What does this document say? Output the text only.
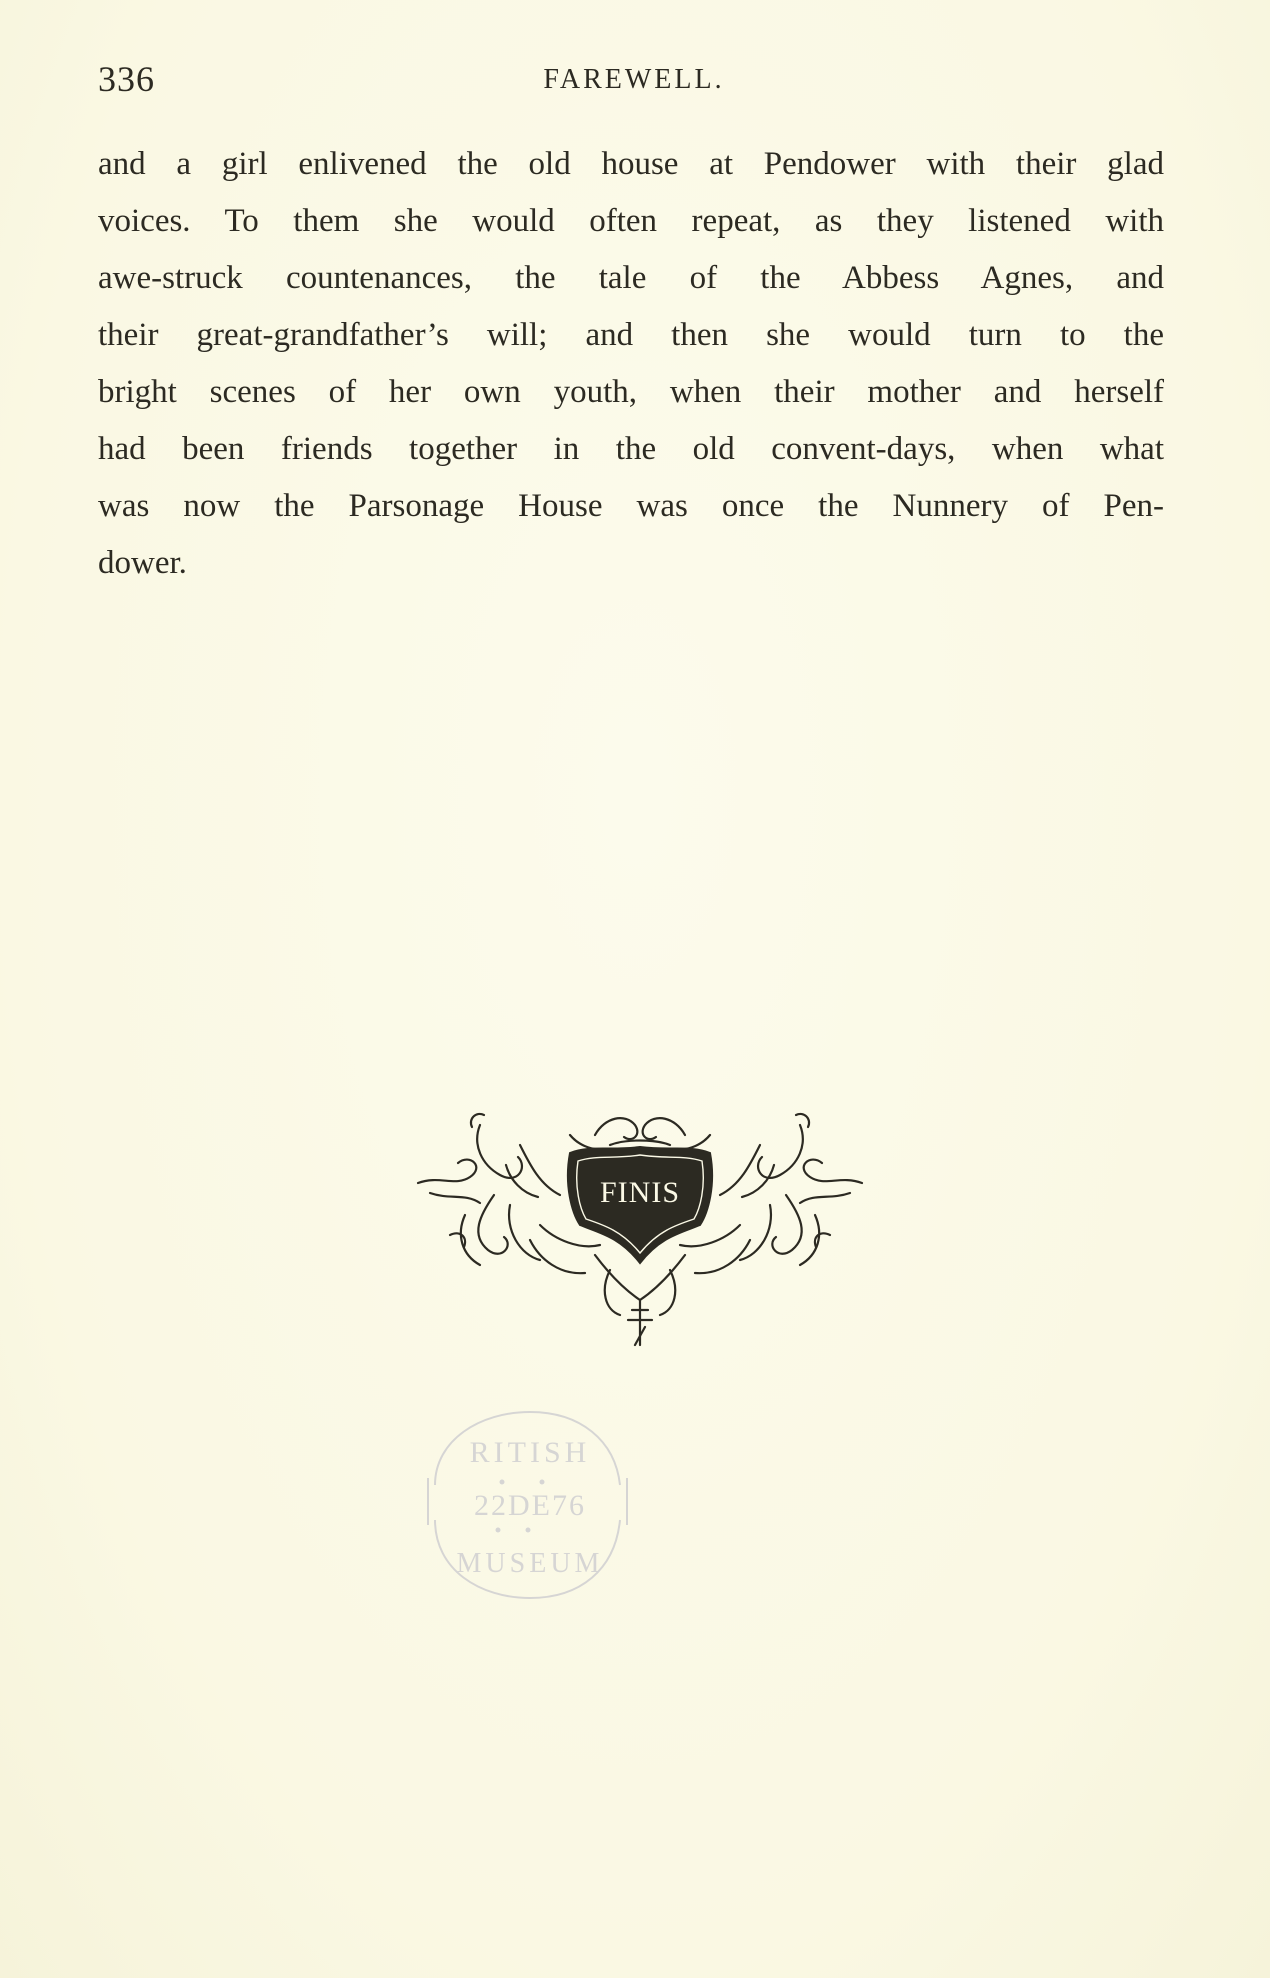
336	FAREWELL.
and a girl enlivened the old house at Pendower with their glad
voices. To them she would often repeat, as they listened with
awe-struck countenances, the tale of the Abbess Agnes, and
their great-grandfather’s will; and then she would turn to the
bright scenes of her own youth, when their mother and herself
had been friends together in the old convent-days, when what
was now the Parsonage House was once the Nunnery of Pen-
dower.
FINIS
RITISH
22DE76
MUSEUM
